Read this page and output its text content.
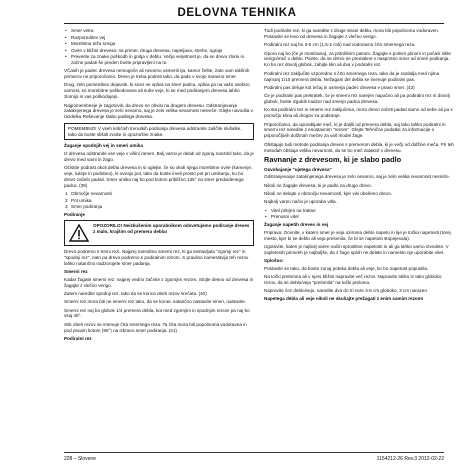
DELOVNA TEHNIKA
• Smer vetra
• Razporeditev vej
• Morebitna teža snega
• Ovire v bližini drevesa: na primer, druga drevesa, napeljava, strehe, ograje
• Preverite za znake poškodb in gnitja v deblu. Večja verjetnost je, da se drevo zlomi in začne padati še preden boste pripravljeni na to.

VČasih je padec drevesa nemogoče ali nevarno usmeriti tja, kamor želite, zato vam takšnih primerov ne priporočamo. Drevo je treba podreti tako, da pade v svojo naravno smer.

Drug, zelo pomemben dejavnik, ki sicer ne vpliva na smer padca, vpliva pa na vašo osebno varnost, so morebitne poškodovane ali suhe veje, ki se med podiranjem drevesa lahko zlomijo in vas poškodujejo.

Najpomembneje je zagotoviti, da drevo ne obvisi na drugem drevesu. Odstranjevanje zataknjenega drevesa je zelo nevarno, saj je zelo velika nevarnost nesreče. Glejte navodila v razdelku Reševanje slabo padlega drevesa.

POMEMBNO! V vseh kritičnih trenutkih podiranja drevesa odstranite zaščite slušalke, tako da boste slišali zvoke in opozorilne znake.
Žaganje spodnjih vej in smeri umika

Iz drevesa odstranite vse veje v višini ramen. Bolj varno je delati od zgoraj navzdol tako, da je drevo med vami in žago.

Očistite podrast okoli debla drevesa in si oglejte, če so okoli njega morebitne ovire (kamenje, veje, luknje in podobno), ki ovirajo pot, tako da boste imeli prosto pot pri umikanju, ko bo drevo začelo padati. Smer umika naj bo pod kotom približno 135° na smer predvidenega padca. (39)

1 Območje nevarnosti
2 Pot umika
3 Smer podiranja
Podiranje
OPOZORILO! Neizkušenim uporabnikom odsvetujemo podiranje dreves z malo, krajšim od premera debla!

Drevo podremo s tremi rezi. Najprej naredimo smerni rez, ki ga sestavljata "zgornji rez" in "spodnji rez", nato pa drevo podremo s podiralnim rezom. S pravilno namestitvijo teh rezov lahko natančno nadzorujete smer padanja.

Smerni rez

Kadar žagate smerni rez, najprej vedno začnite z zgornjim rezom. Stojte desno od drevesa in žagajte z vlečno verigo.

Zatem naredite spodnji rez, tako da se konca obeh rezov srečata. (40)

Smerni rez mora biti ne smerni rez tako, da se konec natančno nastavite smeri, nastavite.

Smerni rez naj bo globok 1/4 premera debla, kot med zgornjim in spodnjim rezom pa naj bo vsaj 45°.

Stik obeh rezov se imenuje črta smernega reza. Ta črta mora biti popolnoma vodoravna in pod pravim kotom (90°) na izbrano smer podiranja. (41)

Podiralni rez

Tudi podiralni rez, ki ga naredite z druge strani debla, mora biti popolnoma vodoraven. Postavite se levo od drevesa in žagajte z vlečno verigo.

Podiralni rez naj bo 3-5 cm (1,5-2 coli) nad vodoravno črto smernega reza.

Opora naj bo (če je montirana), za pritrdilnim pasom. Žagajte s polnim plinom in počasi silite verigo/meč v deblo. Pazite, da se drevo ne premakne v nasprotno smer od smeri podiranja. Ko bo rez dovolj globok, zabijte klin ali dva v podiralni rez.

Podiralni rez zaključite vzporedno s črto smernega reza, tako da je razdalja med njima najmanj 1/10 premera debla. Nežagani del debla se imenuje podiralni pas.

Podiralni pas deluje kot tečaj in usmerja padec drevesa v pravo smer. (43)

Če je podiralni pas prekratek, če je smerni rez narejen napačno ali pa podiralni rez ni dovolj globok, boste izgubili nadzor nad smerjo padca drevesa.

Ko sta podiralni rez in smerni rez zaključena, mora drevo začeti padati samo od sebe ali pa s pomočjo klina ali drogov za podiranje.

Priporočamo, da uporabljate meč, ki je daljši od premera debla, saj tako lahko podiralni in smerni rez naredite z enostavnim "rezom". Glejte Tehnične podatke za informacije o priporočljivih dolžinah mečev za vaš model žage.

Obstajajo tudi metode podiranja dreves s premerom debla, ki je večji od dolžine meča. Pri teh metodah obstaja velika nevarnost, da se bo meč zataknil v drevesu.

Ravnanje z drevesom, ki je slabo padlo
Osvobajanje "ujetega drevesa"

Odstranjevanje zataknjenega drevesa je zelo nevarno, saj je zelo velika nevarnost nesreče.

Nikoli ne žagajte drevesa, ki je padlo na drugo drevo.

Nikoli ne delajte v območju nevarnosti, kjer visi obešeno drevo.

Najbolj varen način je uporaba vitla.

• Vitel pritrjen na traktor
• Prenosni vitel
Žaganje napetih dreves in vej

Priprava: Ocenite, v katero smer je veja oziroma deblo napeto in kje je točka napetosti (torej mesto, kjer bi se deblo ali veja prelomila, če bi se napetost stopnjevala).

Ugotovite, kateri je najbolj varen način sprostitve napetosti in ali ga lahko varno izvedete. V zapletenih primerih je najboljše, da z žago sploh ne delate in namesto nje uporabite vitel.

Splošno:

Postavite se tako, da boste zunaj poteka debla ali veje, ko bo napetost popustila.

Na točki prelomna ali v njeni bližini napravite več rezov. Napravite toliko in tako globoko rezov, da se deblo/veja "prelomila" na točki preloma.

Napravite čez deblo/vejo, naredite dva do tri reze 3-5 cm globoko, 3 cm narazen.

Napetega debla ali veje nikoli ne skušajte prežagati z enim samim rezom!
228 – Slovene	1154212-26 Rev.3 2012-02-22
